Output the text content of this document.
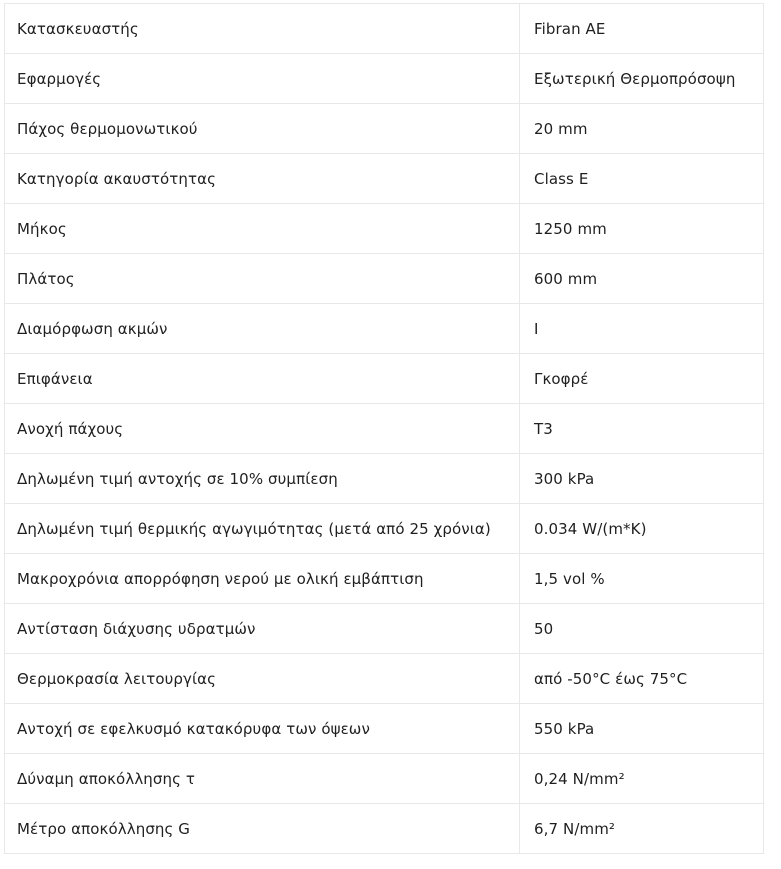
Κατασκευαστής	Fibran AE
Εφαρμογές	Εξωτερική Θερμοπρόσοψη
Πάχος θερμομονωτικού	20 mm
Κατηγορία ακαυστότητας	Class E
Μήκος	1250 mm
Πλάτος	600 mm
Διαμόρφωση ακμών	I
Επιφάνεια	Γκοφρέ
Ανοχή πάχους	T3
Δηλωμένη τιμή αντοχής σε 10% συμπίεση	300 kPa
Δηλωμένη τιμή θερμικής αγωγιμότητας (μετά από 25 χρόνια)	0.034 W/(m*K)
Μακροχρόνια απορρόφηση νερού με ολική εμβάπτιση	1,5 vol %
Αντίσταση διάχυσης υδρατμών	50
Θερμοκρασία λειτουργίας	από -50°C έως 75°C
Αντοχή σε εφελκυσμό κατακόρυφα των όψεων	550 kPa
Δύναμη αποκόλλησης τ	0,24 N/mm²
Μέτρο αποκόλλησης G	6,7 N/mm²
